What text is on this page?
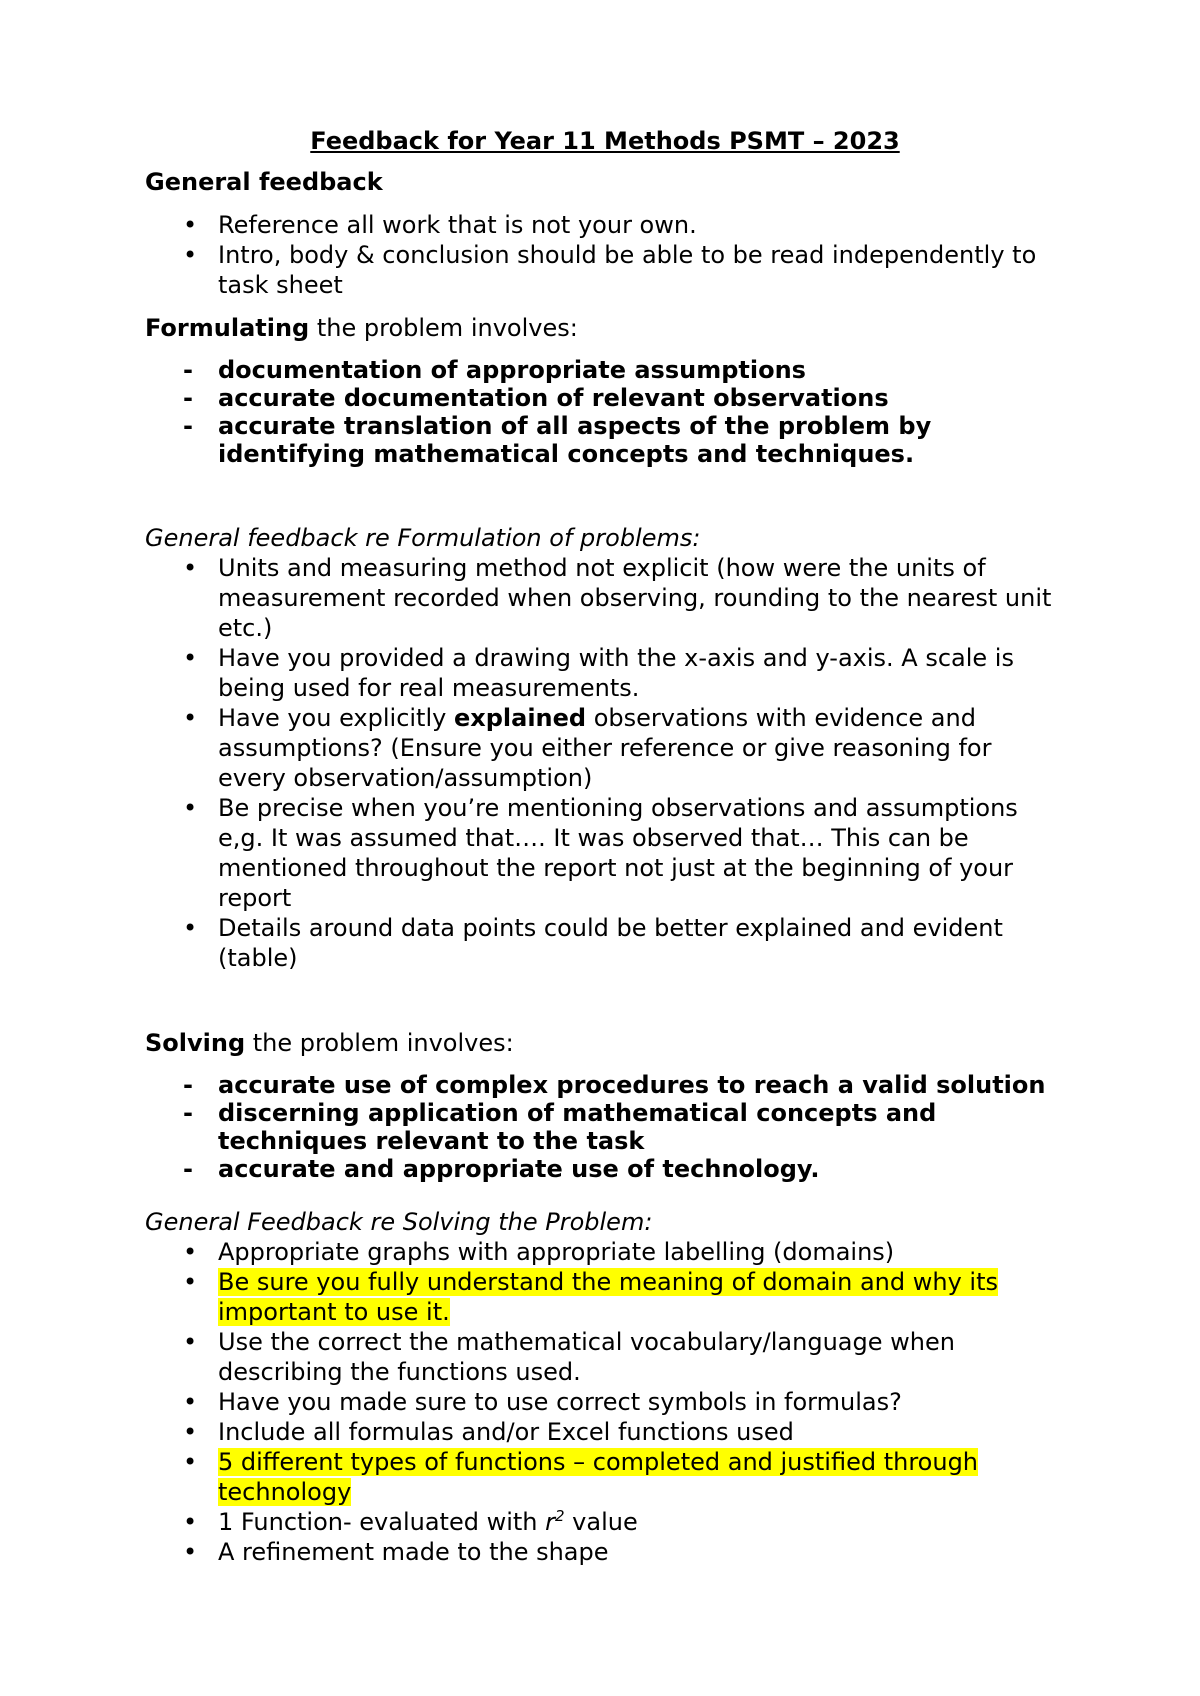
Feedback for Year 11 Methods PSMT – 2023

General feedback

• Reference all work that is not your own.
• Intro, body & conclusion should be able to be read independently to task sheet

Formulating the problem involves:

- documentation of appropriate assumptions
- accurate documentation of relevant observations
- accurate translation of all aspects of the problem by identifying mathematical concepts and techniques.

General feedback re Formulation of problems:

• Units and measuring method not explicit (how were the units of measurement recorded when observing, rounding to the nearest unit etc.)
• Have you provided a drawing with the x-axis and y-axis. A scale is being used for real measurements.
• Have you explicitly explained observations with evidence and assumptions? (Ensure you either reference or give reasoning for every observation/assumption)
• Be precise when you’re mentioning observations and assumptions e,g. It was assumed that…. It was observed that… This can be mentioned throughout the report not just at the beginning of your report
• Details around data points could be better explained and evident (table)

Solving the problem involves:

- accurate use of complex procedures to reach a valid solution
- discerning application of mathematical concepts and techniques relevant to the task
- accurate and appropriate use of technology.

General Feedback re Solving the Problem:

• Appropriate graphs with appropriate labelling (domains)
• Be sure you fully understand the meaning of domain and why its important to use it.
• Use the correct the mathematical vocabulary/language when describing the functions used.
• Have you made sure to use correct symbols in formulas?
• Include all formulas and/or Excel functions used
• 5 different types of functions – completed and justified through technology
• 1 Function- evaluated with $r^2$ value
• A refinement made to the shape
